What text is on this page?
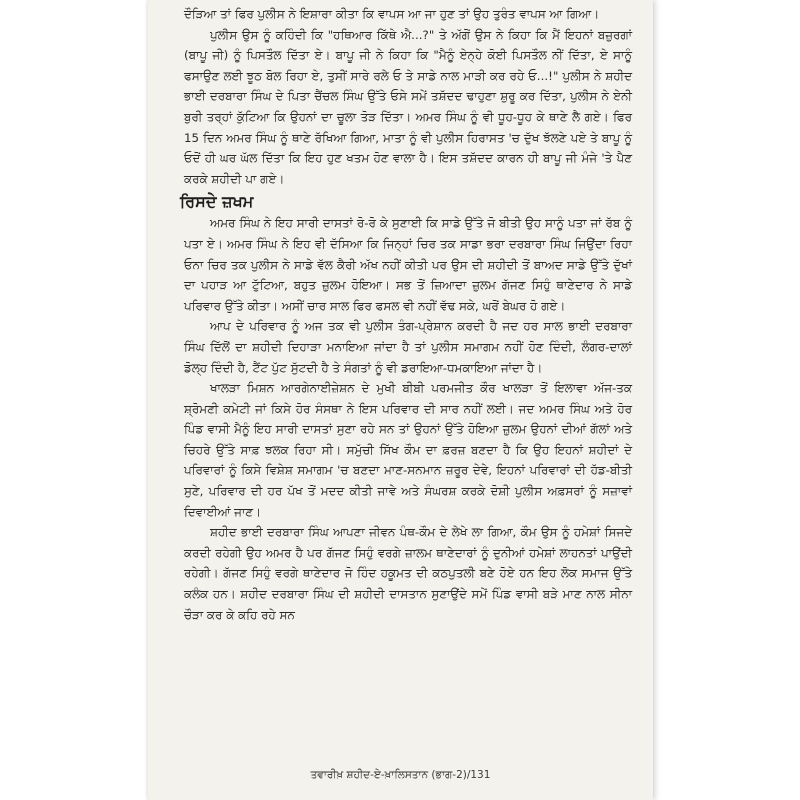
ਦੌੜਿਆ ਤਾਂ ਫਿਰ ਪੁਲੀਸ ਨੇ ਇਸ਼ਾਰਾ ਕੀਤਾ ਕਿ ਵਾਪਸ ਆ ਜਾ ਹੁਣ ਤਾਂ ਉਹ ਤੁਰੰਤ ਵਾਪਸ ਆ ਗਿਆ।

ਪੁਲੀਸ ਉਸ ਨੂੰ ਕਹਿੰਦੀ ਕਿ "ਹਥਿਆਰ ਕਿੱਥੇ ਐ...?" ਤੇ ਅੱਗੋਂ ਉਸ ਨੇ ਕਿਹਾ ਕਿ ਮੈਂ ਇਹਨਾਂ ਬਜ਼ੁਰਗਾਂ (ਬਾਪੂ ਜੀ) ਨੂੰ ਪਿਸਤੌਲ ਦਿੱਤਾ ਏ। ਬਾਪੂ ਜੀ ਨੇ ਕਿਹਾ ਕਿ "ਮੈਨੂੰ ਏਨ੍ਹੇ ਕੋਈ ਪਿਸਤੌਲ ਨੀਂ ਦਿੱਤਾ, ਏ ਸਾਨੂੰ ਫਸਾਉਣ ਲਈ ਝੂਠ ਬੋਲ ਰਿਹਾ ਏ, ਤੁਸੀਂ ਸਾਰੇ ਰਲੇ ਓ ਤੇ ਸਾਡੇ ਨਾਲ ਮਾੜੀ ਕਰ ਰਹੇ ਓ...!" ਪੁਲੀਸ ਨੇ ਸ਼ਹੀਦ ਭਾਈ ਦਰਬਾਰਾ ਸਿੰਘ ਦੇ ਪਿਤਾ ਚੈਂਚਲ ਸਿੰਘ ਉੱਤੇ ਓਸੇ ਸਮੇਂ ਤਸ਼ੱਦਦ ਢਾਹੁਣਾ ਸ਼ੁਰੂ ਕਰ ਦਿੱਤਾ, ਪੁਲੀਸ ਨੇ ਏਨੀ ਬੁਰੀ ਤਰ੍ਹਾਂ ਕੁੱਟਿਆ ਕਿ ਉਹਨਾਂ ਦਾ ਚੂਲਾ ਤੋੜ ਦਿੱਤਾ। ਅਮਰ ਸਿੰਘ ਨੂੰ ਵੀ ਧੂਹ-ਧੂਹ ਕੇ ਥਾਣੇ ਲੈ ਗਏ। ਫਿਰ 15 ਦਿਨ ਅਮਰ ਸਿੰਘ ਨੂੰ ਥਾਣੇ ਰੱਖਿਆ ਗਿਆ, ਮਾਤਾ ਨੂੰ ਵੀ ਪੁਲੀਸ ਹਿਰਾਸਤ 'ਚ ਦੁੱਖ ਝੱਲਣੇ ਪਏ ਤੇ ਬਾਪੂ ਨੂੰ ਓਦੋਂ ਹੀ ਘਰ ਘੱਲ ਦਿੱਤਾ ਕਿ ਇਹ ਹੁਣ ਖਤਮ ਹੋਣ ਵਾਲਾ ਹੈ। ਇਸ ਤਸ਼ੱਦਦ ਕਾਰਨ ਹੀ ਬਾਪੂ ਜੀ ਮੰਜੇ 'ਤੇ ਪੈਣ ਕਰਕੇ ਸ਼ਹੀਦੀ ਪਾ ਗਏ।

ਰਿਸਦੇ ਜ਼ਖਮ

ਅਮਰ ਸਿੰਘ ਨੇ ਇਹ ਸਾਰੀ ਦਾਸਤਾਂ ਰੋ-ਰੋ ਕੇ ਸੁਣਾਈ ਕਿ ਸਾਡੇ ਉੱਤੇ ਜੋ ਬੀਤੀ ਉਹ ਸਾਨੂੰ ਪਤਾ ਜਾਂ ਰੱਬ ਨੂੰ ਪਤਾ ਏ। ਅਮਰ ਸਿੰਘ ਨੇ ਇਹ ਵੀ ਦੱਸਿਆ ਕਿ ਜਿਨ੍ਹਾਂ ਚਿਰ ਤਕ ਸਾਡਾ ਭਰਾ ਦਰਬਾਰਾ ਸਿੰਘ ਜਿਉਂਦਾ ਰਿਹਾ ਓਨਾ ਚਿਰ ਤਕ ਪੁਲੀਸ ਨੇ ਸਾਡੇ ਵੱਲ ਕੈਰੀ ਅੱਖ ਨਹੀਂ ਕੀਤੀ ਪਰ ਉਸ ਦੀ ਸ਼ਹੀਦੀ ਤੋਂ ਬਾਅਦ ਸਾਡੇ ਉੱਤੇ ਦੁੱਖਾਂ ਦਾ ਪਹਾੜ ਆ ਟੁੱਟਿਆ, ਬਹੁਤ ਜ਼ੁਲਮ ਹੋਇਆ। ਸਭ ਤੋਂ ਜ਼ਿਆਦਾ ਜ਼ੁਲਮ ਗੱਜਣ ਸਿਹੁੰ ਥਾਣੇਦਾਰ ਨੇ ਸਾਡੇ ਪਰਿਵਾਰ ਉੱਤੇ ਕੀਤਾ। ਅਸੀਂ ਚਾਰ ਸਾਲ ਫਿਰ ਫਸਲ ਵੀ ਨਹੀਂ ਵੱਢ ਸਕੇ, ਘਰੋਂ ਬੇਘਰ ਹੋ ਗਏ।

ਆਪ ਦੇ ਪਰਿਵਾਰ ਨੂੰ ਅਜ ਤਕ ਵੀ ਪੁਲੀਸ ਤੰਗ-ਪ੍ਰੇਸ਼ਾਨ ਕਰਦੀ ਹੈ ਜਦ ਹਰ ਸਾਲ ਭਾਈ ਦਰਬਾਰਾ ਸਿੰਘ ਦਿੱਲੋਂ ਦਾ ਸ਼ਹੀਦੀ ਦਿਹਾੜਾ ਮਨਾਇਆ ਜਾਂਦਾ ਹੈ ਤਾਂ ਪੁਲੀਸ ਸਮਾਗਮ ਨਹੀਂ ਹੋਣ ਦਿੰਦੀ, ਲੰਗਰ-ਦਾਲਾਂ ਡੋਲ੍ਹ ਦਿੰਦੀ ਹੈ, ਟੈਂਟ ਪੁੱਟ ਸੁੱਟਦੀ ਹੈ ਤੇ ਸੰਗਤਾਂ ਨੂੰ ਵੀ ਡਰਾਇਆ-ਧਮਕਾਇਆ ਜਾਂਦਾ ਹੈ।

ਖਾਲੜਾ ਮਿਸ਼ਨ ਆਰਗੇਨਾਈਜ਼ੇਸ਼ਨ ਦੇ ਮੁਖੀ ਬੀਬੀ ਪਰਮਜੀਤ ਕੌਰ ਖਾਲੜਾ ਤੋਂ ਇਲਾਵਾ ਅੱਜ-ਤਕ ਸ਼੍ਰੋਮਣੀ ਕਮੇਟੀ ਜਾਂ ਕਿਸੇ ਹੋਰ ਸੰਸਥਾ ਨੇ ਇਸ ਪਰਿਵਾਰ ਦੀ ਸਾਰ ਨਹੀਂ ਲਈ। ਜਦ ਅਮਰ ਸਿੰਘ ਅਤੇ ਹੋਰ ਪਿੰਡ ਵਾਸੀ ਮੈਨੂੰ ਇਹ ਸਾਰੀ ਦਾਸਤਾਂ ਸੁਣਾ ਰਹੇ ਸਨ ਤਾਂ ਉਹਨਾਂ ਉੱਤੇ ਹੋਇਆ ਜ਼ੁਲਮ ਉਹਨਾਂ ਦੀਆਂ ਗੱਲਾਂ ਅਤੇ ਚਿਹਰੇ ਉੱਤੇ ਸਾਫ਼ ਝਲਕ ਰਿਹਾ ਸੀ। ਸਮੁੱਚੀ ਸਿੱਖ ਕੌਮ ਦਾ ਫ਼ਰਜ਼ ਬਣਦਾ ਹੈ ਕਿ ਉਹ ਇਹਨਾਂ ਸ਼ਹੀਦਾਂ ਦੇ ਪਰਿਵਾਰਾਂ ਨੂੰ ਕਿਸੇ ਵਿਸ਼ੇਸ਼ ਸਮਾਗਮ 'ਚ ਬਣਦਾ ਮਾਣ-ਸਨਮਾਨ ਜ਼ਰੂਰ ਦੇਵੇ, ਇਹਨਾਂ ਪਰਿਵਾਰਾਂ ਦੀ ਹੱਡ-ਬੀਤੀ ਸੁਣੇ, ਪਰਿਵਾਰ ਦੀ ਹਰ ਪੱਖ ਤੋਂ ਮਦਦ ਕੀਤੀ ਜਾਵੇ ਅਤੇ ਸੰਘਰਸ਼ ਕਰਕੇ ਦੋਸ਼ੀ ਪੁਲੀਸ ਅਫ਼ਸਰਾਂ ਨੂੰ ਸਜ਼ਾਵਾਂ ਦਿਵਾਈਆਂ ਜਾਣ।

ਸ਼ਹੀਦ ਭਾਈ ਦਰਬਾਰਾ ਸਿੰਘ ਆਪਣਾ ਜੀਵਨ ਪੰਥ-ਕੌਮ ਦੇ ਲੇਖੇ ਲਾ ਗਿਆ, ਕੌਮ ਉਸ ਨੂੰ ਹਮੇਸ਼ਾਂ ਸਿਜਦੇ ਕਰਦੀ ਰਹੇਗੀ ਉਹ ਅਮਰ ਹੈ ਪਰ ਗੱਜਣ ਸਿਹੁੰ ਵਰਗੇ ਜ਼ਾਲਮ ਥਾਣੇਦਾਰਾਂ ਨੂੰ ਦੁਨੀਆਂ ਹਮੇਸ਼ਾਂ ਲਾਹਨਤਾਂ ਪਾਉਂਦੀ ਰਹੇਗੀ। ਗੱਜਣ ਸਿਹੁੰ ਵਰਗੇ ਥਾਣੇਦਾਰ ਜੋ ਹਿੰਦ ਹਕੂਮਤ ਦੀ ਕਠਪੁਤਲੀ ਬਣੇ ਹੋਏ ਹਨ ਇਹ ਲੋਕ ਸਮਾਜ ਉੱਤੇ ਕਲੰਕ ਹਨ। ਸ਼ਹੀਦ ਦਰਬਾਰਾ ਸਿੰਘ ਦੀ ਸ਼ਹੀਦੀ ਦਾਸਤਾਨ ਸੁਣਾਉਂਦੇ ਸਮੇਂ ਪਿੰਡ ਵਾਸੀ ਬੜੇ ਮਾਣ ਨਾਲ ਸੀਨਾ ਚੌੜਾ ਕਰ ਕੇ ਕਹਿ ਰਹੇ ਸਨ

ਤਵਾਰੀਖ਼ ਸ਼ਹੀਦ-ਏ-ਖ਼ਾਲਿਸਤਾਨ (ਭਾਗ-2)/131
